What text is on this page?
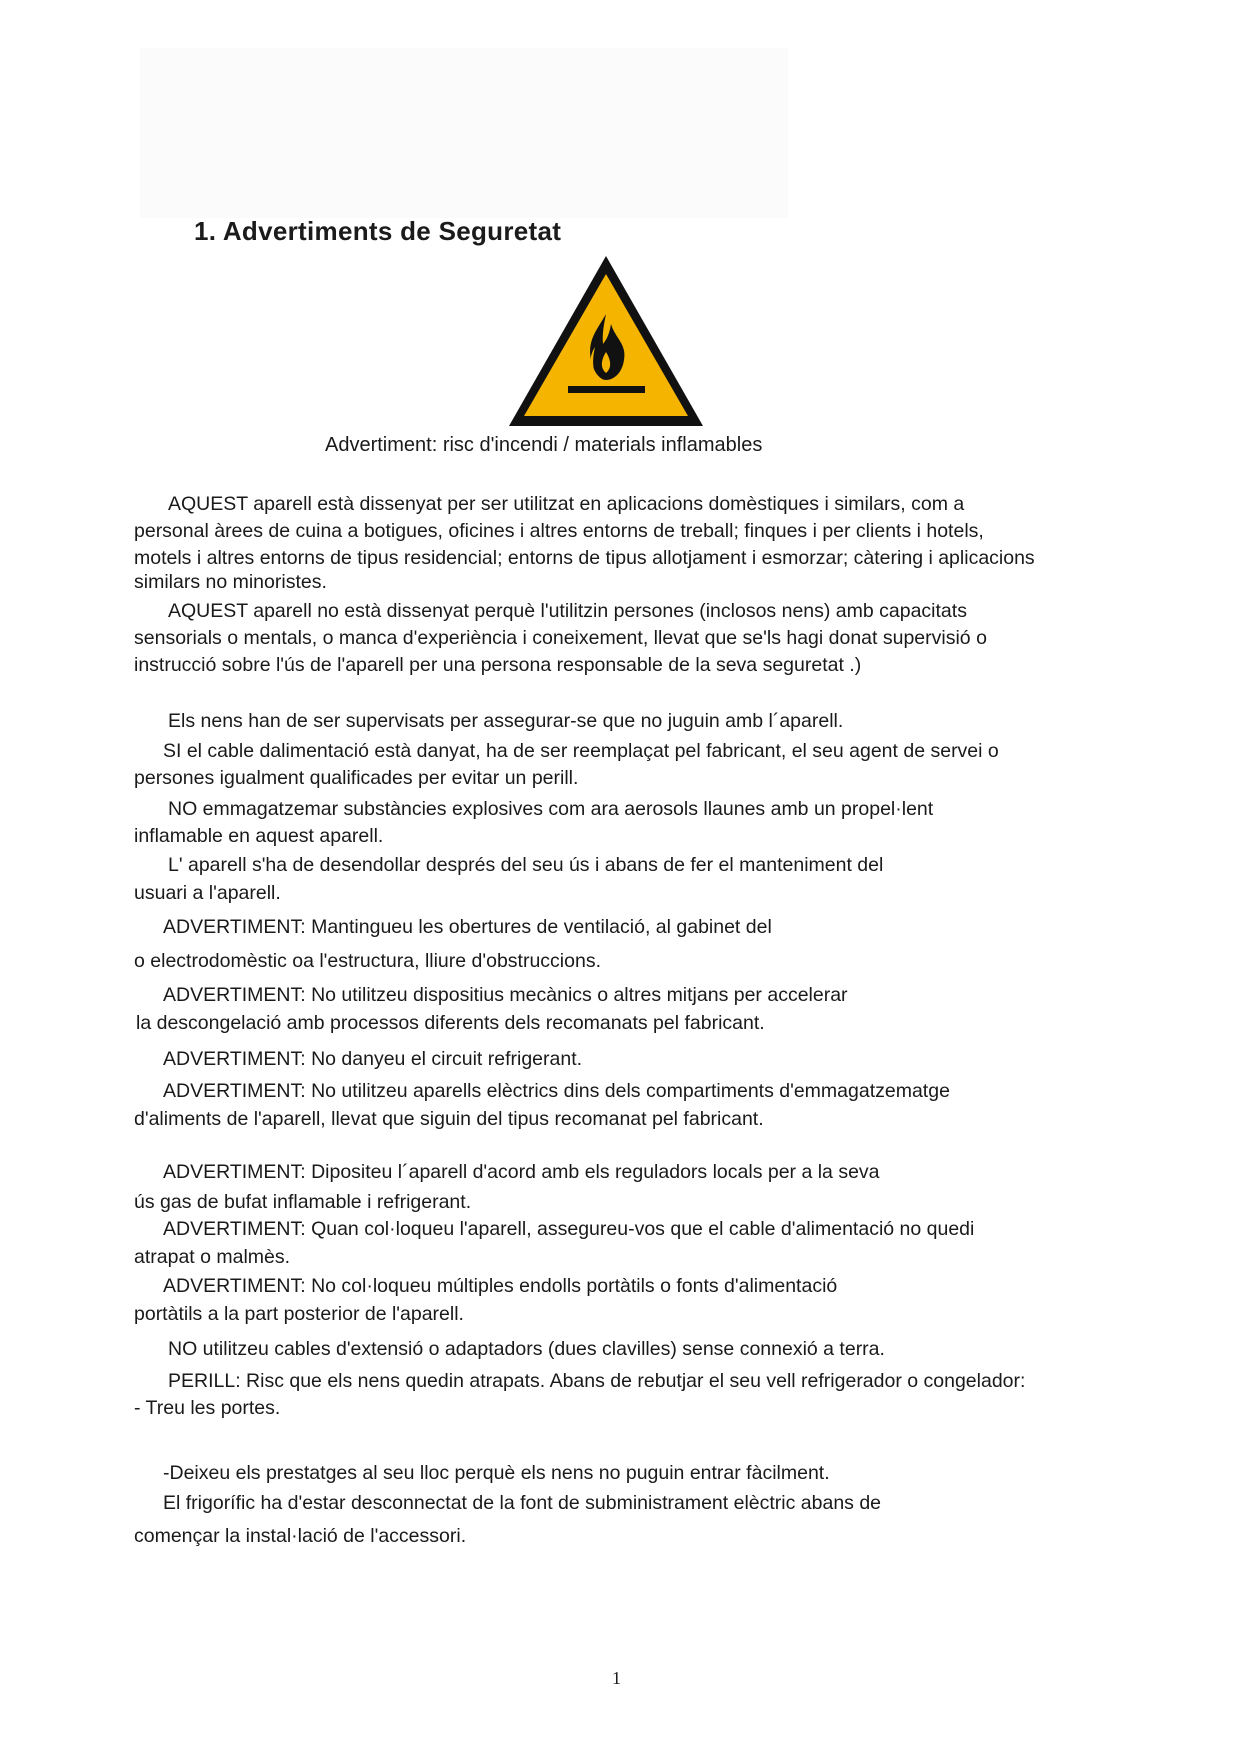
1. Advertiments de Seguretat
Advertiment: risc d'incendi / materials inflamables
AQUEST aparell està dissenyat per ser utilitzat en aplicacions domèstiques i similars, com a
personal àrees de cuina a botigues, oficines i altres entorns de treball; finques i per clients i hotels,
motels i altres entorns de tipus residencial; entorns de tipus allotjament i esmorzar; càtering i aplicacions
similars no minoristes.
AQUEST aparell no està dissenyat perquè l'utilitzin persones (inclosos nens) amb capacitats
sensorials o mentals, o manca d'experiència i coneixement, llevat que se'ls hagi donat supervisió o
instrucció sobre l'ús de l'aparell per una persona responsable de la seva seguretat .)
Els nens han de ser supervisats per assegurar-se que no juguin amb l´aparell.
SI el cable dalimentació està danyat, ha de ser reemplaçat pel fabricant, el seu agent de servei o
persones igualment qualificades per evitar un perill.
NO emmagatzemar substàncies explosives com ara aerosols llaunes amb un propel·lent
inflamable en aquest aparell.
L' aparell s'ha de desendollar després del seu ús i abans de fer el manteniment del
usuari a l'aparell.
ADVERTIMENT: Mantingueu les obertures de ventilació, al gabinet del
o electrodomèstic oa l'estructura, lliure d'obstruccions.
ADVERTIMENT: No utilitzeu dispositius mecànics o altres mitjans per accelerar
la descongelació amb processos diferents dels recomanats pel fabricant.
ADVERTIMENT: No danyeu el circuit refrigerant.
ADVERTIMENT: No utilitzeu aparells elèctrics dins dels compartiments d'emmagatzematge
d'aliments de l'aparell, llevat que siguin del tipus recomanat pel fabricant.
ADVERTIMENT: Dipositeu l´aparell d'acord amb els reguladors locals per a la seva
ús gas de bufat inflamable i refrigerant.
ADVERTIMENT: Quan col·loqueu l'aparell, assegureu-vos que el cable d'alimentació no quedi
atrapat o malmès.
ADVERTIMENT: No col·loqueu múltiples endolls portàtils o fonts d'alimentació
portàtils a la part posterior de l'aparell.
NO utilitzeu cables d'extensió o adaptadors (dues clavilles) sense connexió a terra.
PERILL: Risc que els nens quedin atrapats. Abans de rebutjar el seu vell refrigerador o congelador:
- Treu les portes.
-Deixeu els prestatges al seu lloc perquè els nens no puguin entrar fàcilment.
El frigorífic ha d'estar desconnectat de la font de subministrament elèctric abans de
començar la instal·lació de l'accessori.
1
